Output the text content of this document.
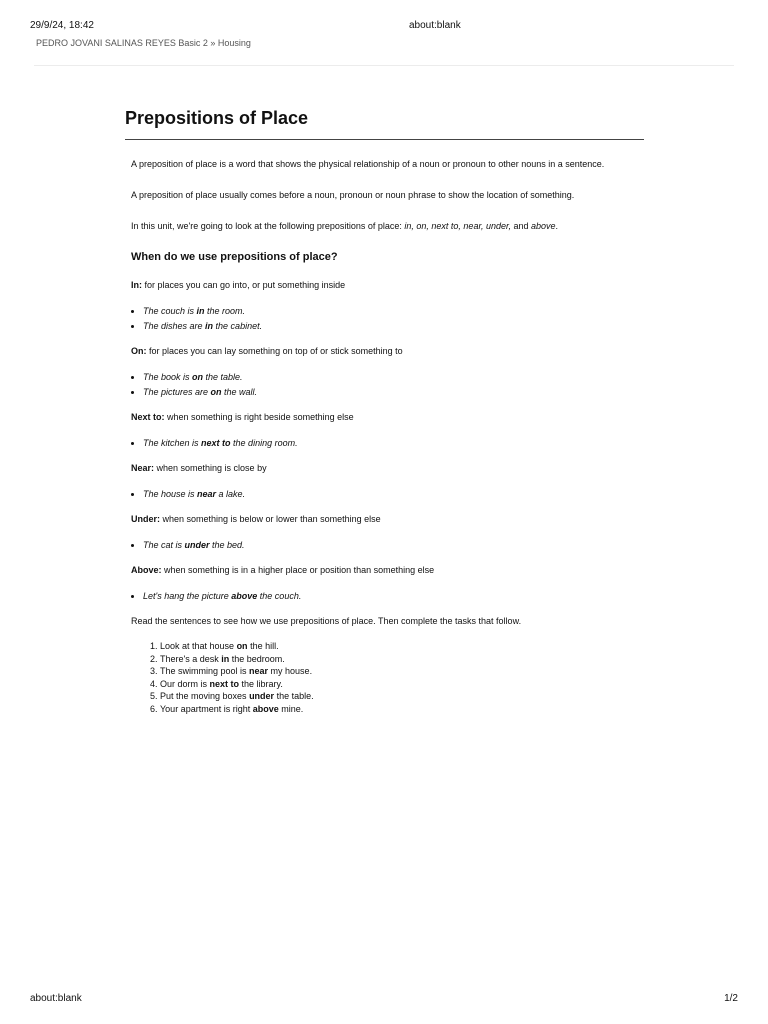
29/9/24, 18:42	about:blank
PEDRO JOVANI SALINAS REYES Basic 2 » Housing
Prepositions of Place

A preposition of place is a word that shows the physical relationship of a noun or pronoun to other nouns in a sentence.

A preposition of place usually comes before a noun, pronoun or noun phrase to show the location of something.

In this unit, we're going to look at the following prepositions of place: in, on, next to, near, under, and above.

When do we use prepositions of place?

In: for places you can go into, or put something inside

• The couch is in the room.
• The dishes are in the cabinet.

On: for places you can lay something on top of or stick something to

• The book is on the table.
• The pictures are on the wall.

Next to: when something is right beside something else

• The kitchen is next to the dining room.

Near: when something is close by

• The house is near a lake.

Under: when something is below or lower than something else

• The cat is under the bed.

Above: when something is in a higher place or position than something else

• Let's hang the picture above the couch.

Read the sentences to see how we use prepositions of place. Then complete the tasks that follow.

1. Look at that house on the hill.
2. There's a desk in the bedroom.
3. The swimming pool is near my house.
4. Our dorm is next to the library.
5. Put the moving boxes under the table.
6. Your apartment is right above mine.
about:blank	1/2
